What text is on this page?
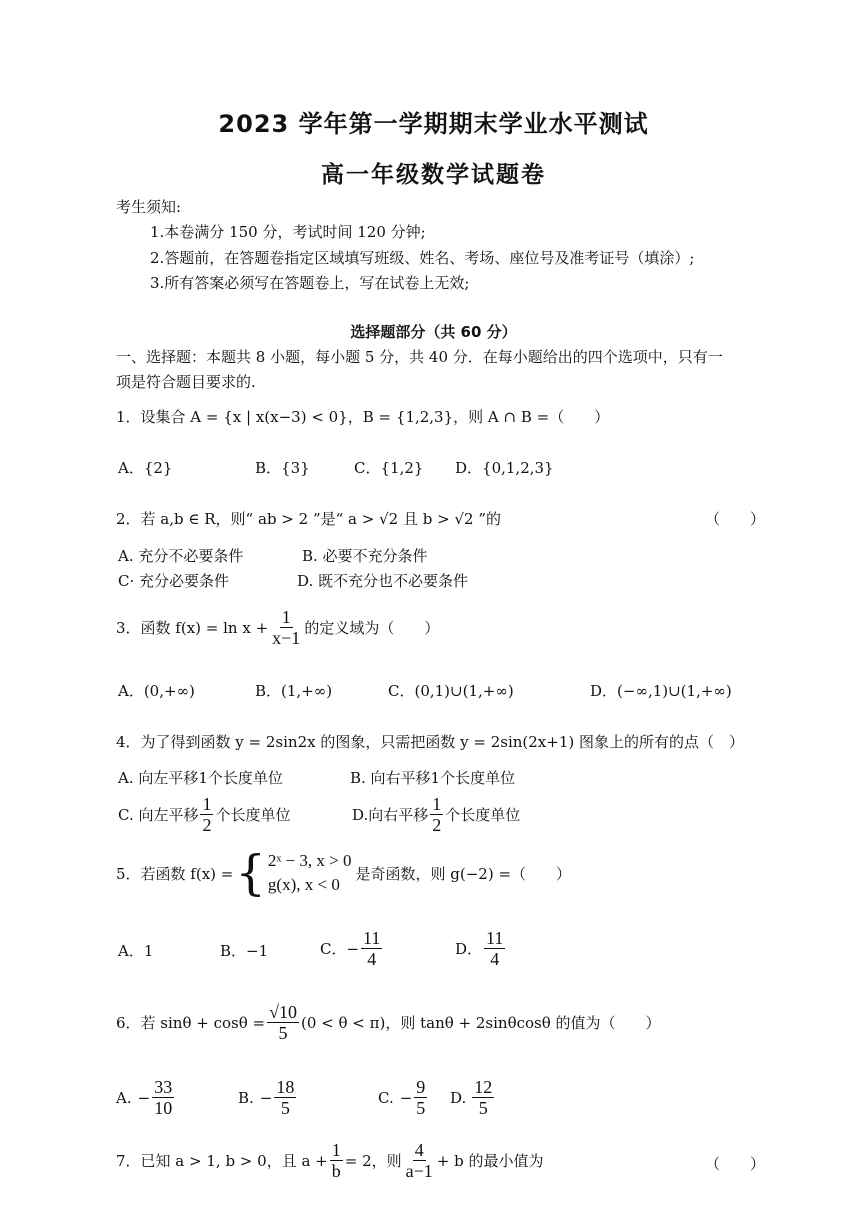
2023 学年第一学期期末学业水平测试
高一年级数学试题卷
考生须知:
1.本卷满分 150 分，考试时间 120 分钟;
2.答题前，在答题卷指定区域填写班级、姓名、考场、座位号及准考证号（填涂）;
3.所有答案必须写在答题卷上，写在试卷上无效;
选择题部分（共 60 分）
一、选择题：本题共 8 小题，每小题 5 分，共 40 分．在每小题给出的四个选项中，只有一
项是符合题目要求的.
1．设集合 A = {x | x(x−3) < 0}，B = {1,2,3}，则 A ∩ B =（　　）
A．{2}	B．{3}	C．{1,2} D．{0,1,2,3}
2．若 a,b ∈ R，则“ ab > 2 ”是“ a > √2 且 b > √2 ”的	（　　）
A. 充分不必要条件	B. 必要不充分条件
C· 充分必要条件	D. 既不充分也不必要条件
3．函数 $f(x) = \ln x + \frac{1}{x-1}$ 的定义域为（　　）
A．(0,+∞)	B．(1,+∞)	C．(0,1)∪(1,+∞)	D．(−∞,1)∪(1,+∞)
4．为了得到函数 y = 2sin2x 的图象，只需把函数 y = 2sin(2x+1) 图象上的所有的点（　）
A. 向左平移1个长度单位	B. 向右平移1个长度单位
C. 向左平移 $\frac{1}{2}$ 个长度单位	D.向右平移 $\frac{1}{2}$ 个长度单位
5．若函数 f(x) = { 2ˣ − 3, x > 0
g(x), x < 0
是奇函数，则 g(−2) =（　　）
A．1	B．−1	C．− $\frac{11}{4}$	D． $\frac{11}{4}$
6．若 $\sin\theta + \cos\theta = \frac{√10}{5} (0 < \theta < \pi)$，则 tanθ + 2sinθcosθ 的值为（　　）
A. − $\frac{33}{10}$	B. − $\frac{18}{5}$	C. − $\frac{9}{5} D$. $\frac{12}{5}$
7．已知 a > 1, b > 0，且 $a + \frac{1}{b} = 2$，则 $\frac{4}{a-1} + b$ 的最小值为	（　　）
